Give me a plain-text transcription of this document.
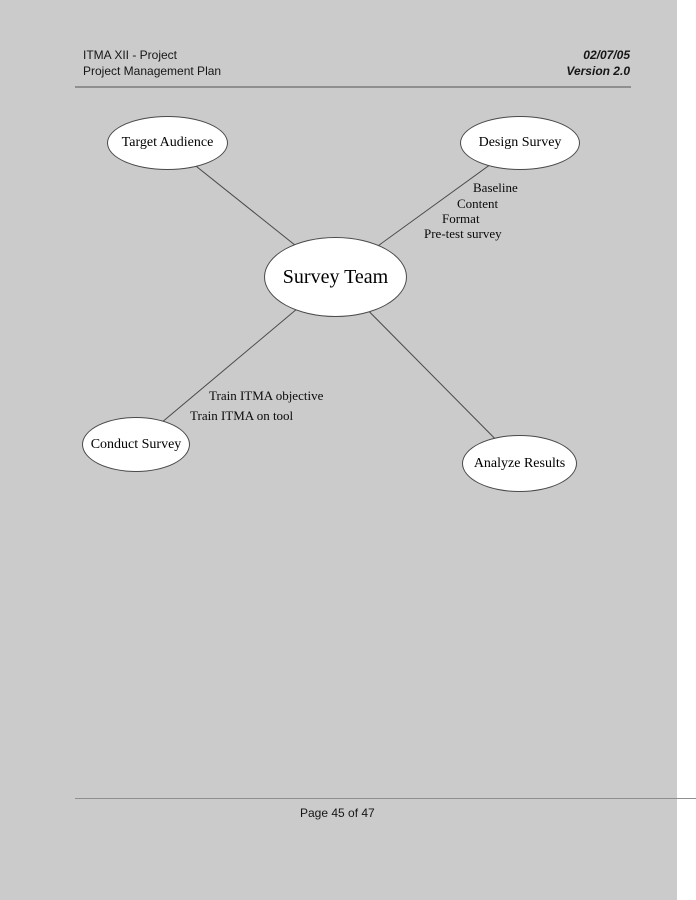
ITMA XII - Project
Project Management Plan
02/07/05
Version 2.0
Target Audience	Design Survey
Survey Team
Conduct Survey
Analyze Results
Baseline
Content
Format
Pre-test survey
Train ITMA objective
Train ITMA on tool
Page 45 of 47
